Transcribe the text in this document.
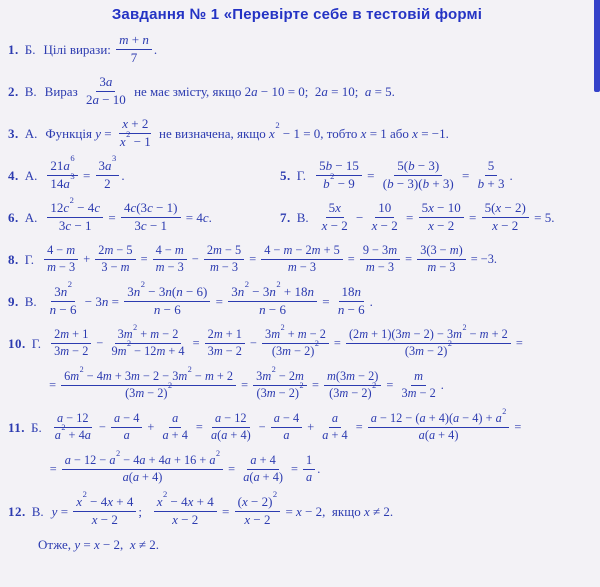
Завдання № 1 «Перевірте себе в тестовій формі
1. Б. Цілі вирази: $\frac{m + n}{7}$ .
2. В. Вираз $\frac{3a}{2a - 10}$ не має змісту, якщо 2a − 10 = 0;  2a = 10;  a = 5.
3. А. Функція $y = \frac{x + 2}{x^2 - 1}$ не визначена, якщо $x^2 - 1 = 0$, тобто x = 1 або x = −1.
4. А. $\frac{21a^6}{14a^3} = \frac{3a^3}{2}$ .	5. Г. $\frac{5b - 15}{b^2 - 9} = \frac{5(b - 3)}{(b - 3)(b + 3)} = \frac{5}{b + 3}$ .
6. А. $\frac{12c^2 - 4c}{3c - 1} = \frac{4c(3c - 1)}{3c - 1} = 4c$.	7. В. $\frac{5x}{x - 2} - \frac{10}{x - 2} = \frac{5x - 10}{x - 2} = \frac{5(x - 2)}{x - 2} = 5$.
8. Г. $\frac{4 - m}{m - 3} + \frac{2m - 5}{3 - m} = \frac{4 - m}{m - 3} - \frac{2m - 5}{m - 3} = \frac{4 - m - 2m + 5}{m - 3} = \frac{9 - 3m}{m - 3} = \frac{3(3 - m)}{m - 3} = -3$.
9. В. $\frac{3n^2}{n - 6} - 3n = \frac{3n^2 - 3n(n - 6)}{n - 6} = \frac{3n^2 - 3n^2 + 18n}{n - 6} = \frac{18n}{n - 6}$ .
10. Г. $\frac{2m + 1}{3m - 2} - \frac{3m^2 + m - 2}{9m^2 - 12m + 4} = \frac{2m + 1}{3m - 2} - \frac{3m^2 + m - 2}{(3m - 2)^2} = \frac{(2m + 1)(3m - 2) - 3m^2 - m + 2}{(3m - 2)^2}$ =
= $\frac{6m^2 - 4m + 3m - 2 - 3m^2 - m + 2}{(3m - 2)^2} = \frac{3m^2 - 2m}{(3m - 2)^2} = \frac{m(3m - 2)}{(3m - 2)^2} = \frac{m}{3m - 2}$ .
11. Б. $\frac{a - 12}{a^2 + 4a} - \frac{a - 4}{a} + \frac{a}{a + 4} = \frac{a - 12}{a(a + 4)} - \frac{a - 4}{a} + \frac{a}{a + 4} = \frac{a - 12 - (a + 4)(a - 4) + a^2}{a(a + 4)}$ =
= $\frac{a - 12 - a^2 - 4a + 4a + 16 + a^2}{a(a + 4)} = \frac{a + 4}{a(a + 4)} = \frac{1}{a}$ .
12. В. $y = \frac{x^2 - 4x + 4}{x - 2}$ ; $\frac{x^2 - 4x + 4}{x - 2} = \frac{(x - 2)^2}{x - 2} = x - 2$,  якщо x ≠ 2.
Отже, y = x − 2,  x ≠ 2.
